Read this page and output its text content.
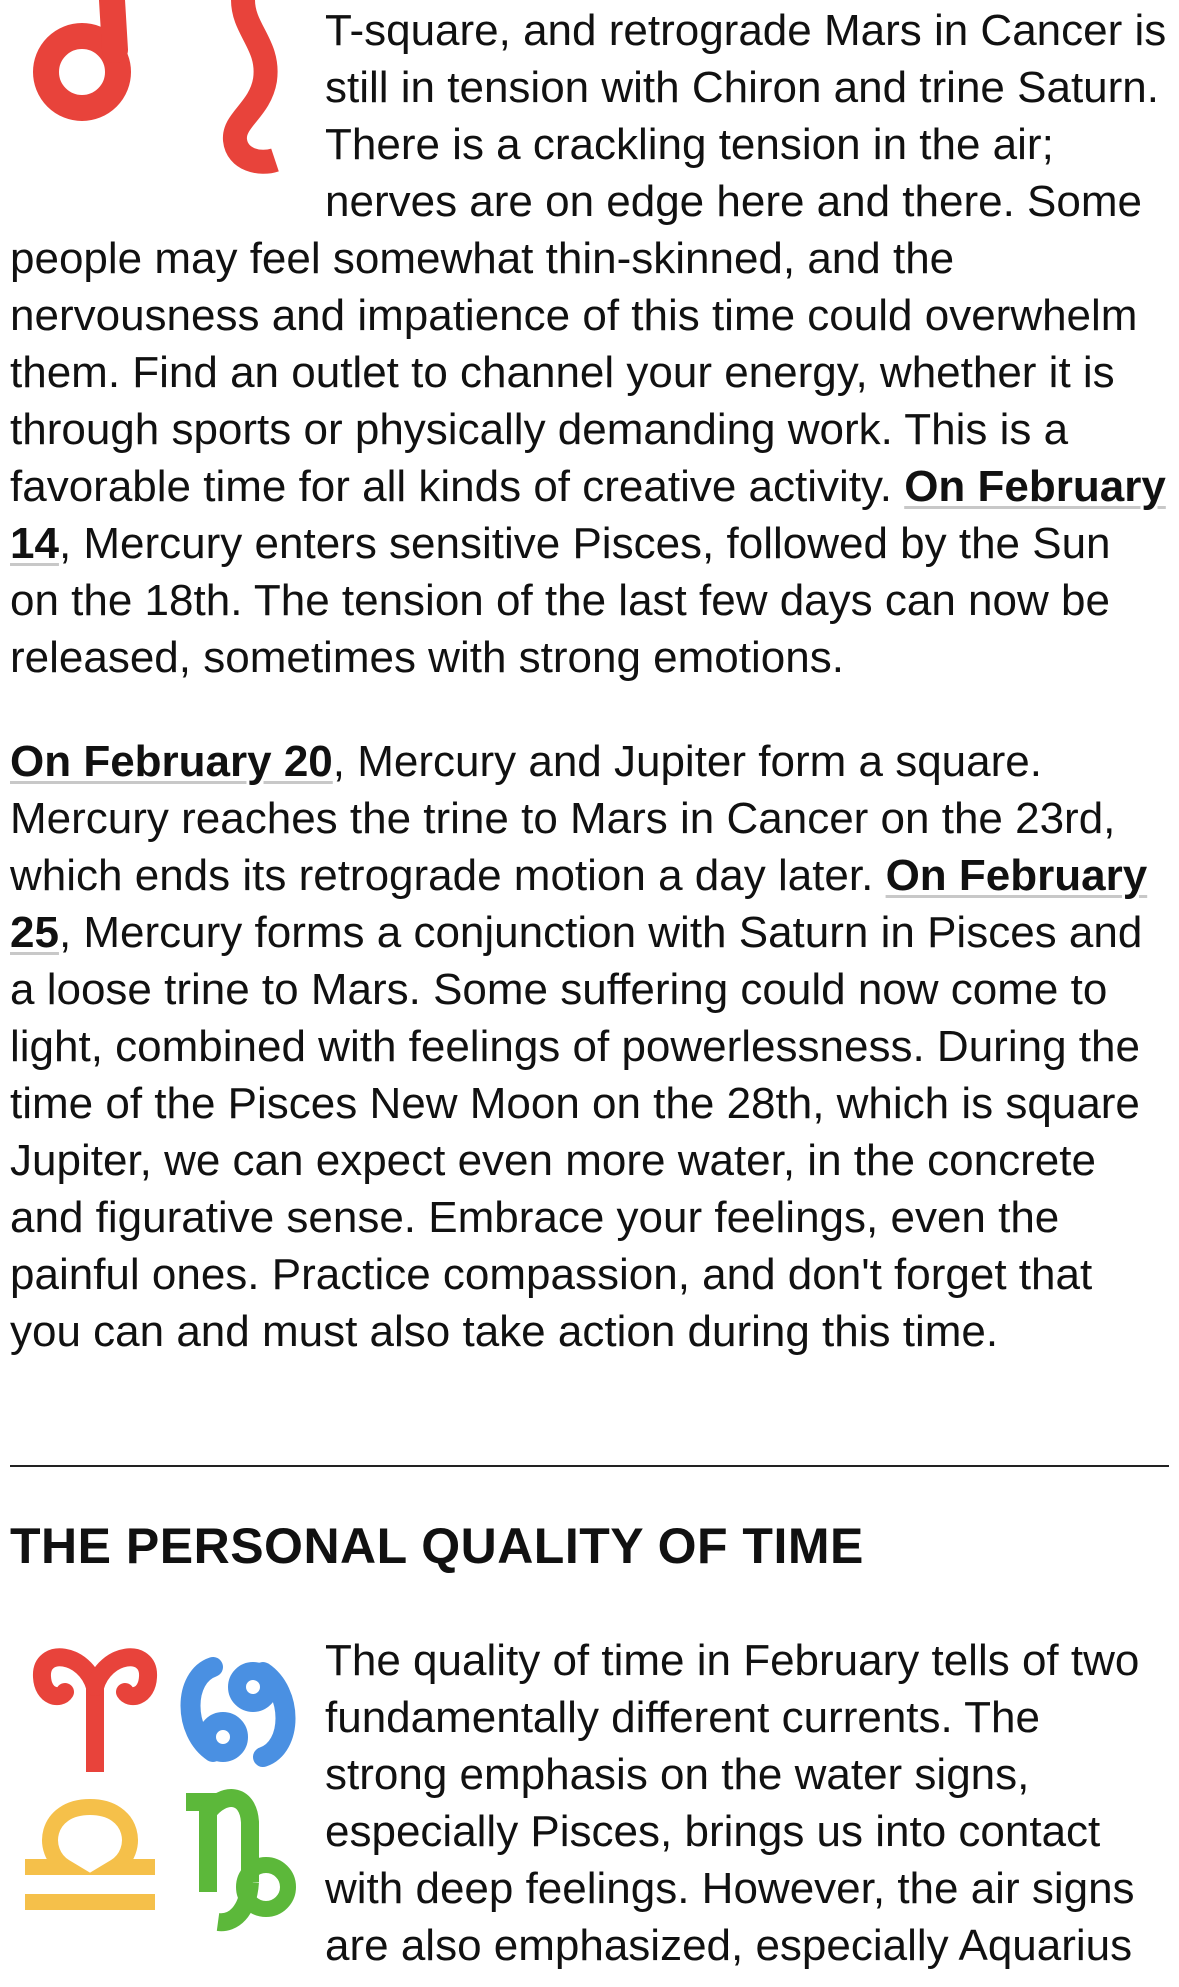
T-square, and retrograde Mars in Cancer is still in tension with Chiron and trine Saturn. There is a crackling tension in the air; nerves are on edge here and there. Some people may feel somewhat thin-skinned, and the nervousness and impatience of this time could overwhelm them. Find an outlet to channel your energy, whether it is through sports or physically demanding work. This is a favorable time for all kinds of creative activity. On February 14, Mercury enters sensitive Pisces, followed by the Sun on the 18th. The tension of the last few days can now be released, sometimes with strong emotions.

On February 20, Mercury and Jupiter form a square. Mercury reaches the trine to Mars in Cancer on the 23rd, which ends its retrograde motion a day later. On February 25, Mercury forms a conjunction with Saturn in Pisces and a loose trine to Mars. Some suffering could now come to light, combined with feelings of powerlessness. During the time of the Pisces New Moon on the 28th, which is square Jupiter, we can expect even more water, in the concrete and figurative sense. Embrace your feelings, even the painful ones. Practice compassion, and don't forget that you can and must also take action during this time.

THE PERSONAL QUALITY OF TIME

The quality of time in February tells of two fundamentally different currents. The strong emphasis on the water signs, especially Pisces, brings us into contact with deep feelings. However, the air signs are also emphasized, especially Aquarius
